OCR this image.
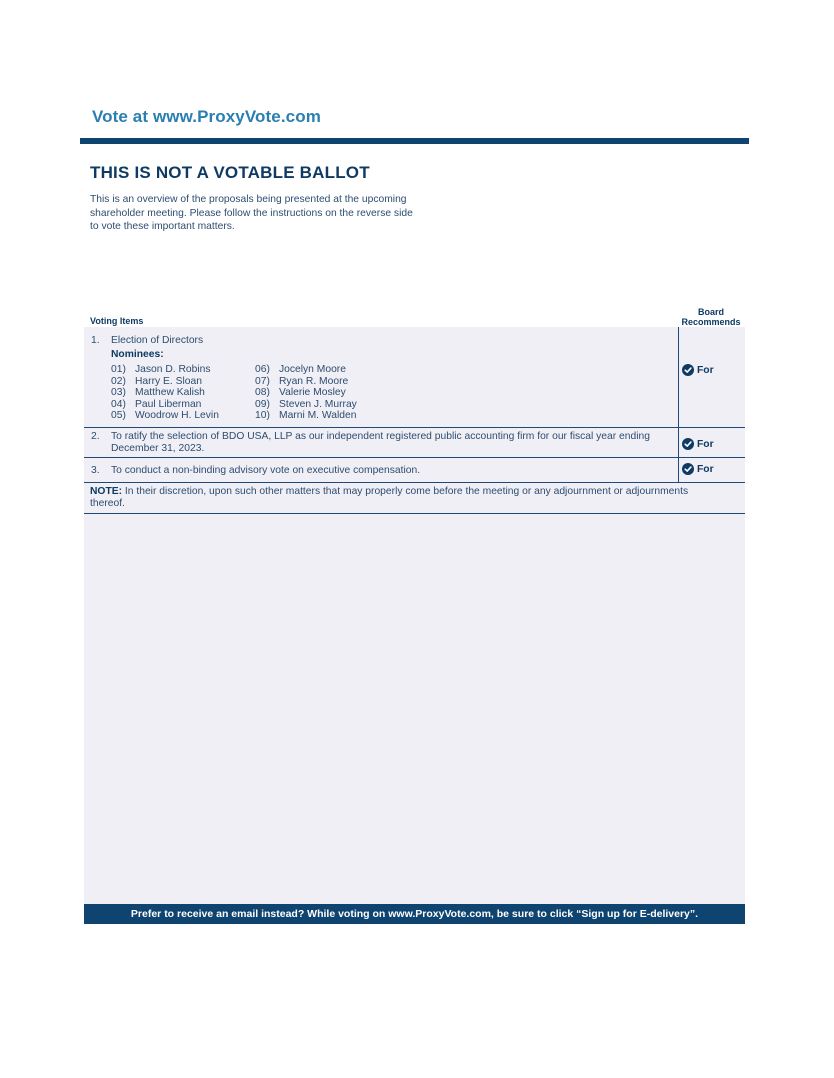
Vote at www.ProxyVote.com
THIS IS NOT A VOTABLE BALLOT
This is an overview of the proposals being presented at the upcoming shareholder meeting. Please follow the instructions on the reverse side to vote these important matters.
Voting Items
Board
Recommends
1. Election of Directors
Nominees:
01) Jason D. Robins
02) Harry E. Sloan
03) Matthew Kalish
04) Paul Liberman
05) Woodrow H. Levin
06) Jocelyn Moore
07) Ryan R. Moore
08) Valerie Mosley
09) Steven J. Murray
10) Marni M. Walden
For
2. To ratify the selection of BDO USA, LLP as our independent registered public accounting firm for our fiscal year ending
December 31, 2023.	For
3. To conduct a non-binding advisory vote on executive compensation.	For
NOTE: In their discretion, upon such other matters that may properly come before the meeting or any adjournment or adjournments thereof.
Prefer to receive an email instead? While voting on www.ProxyVote.com, be sure to click “Sign up for E-delivery”.
